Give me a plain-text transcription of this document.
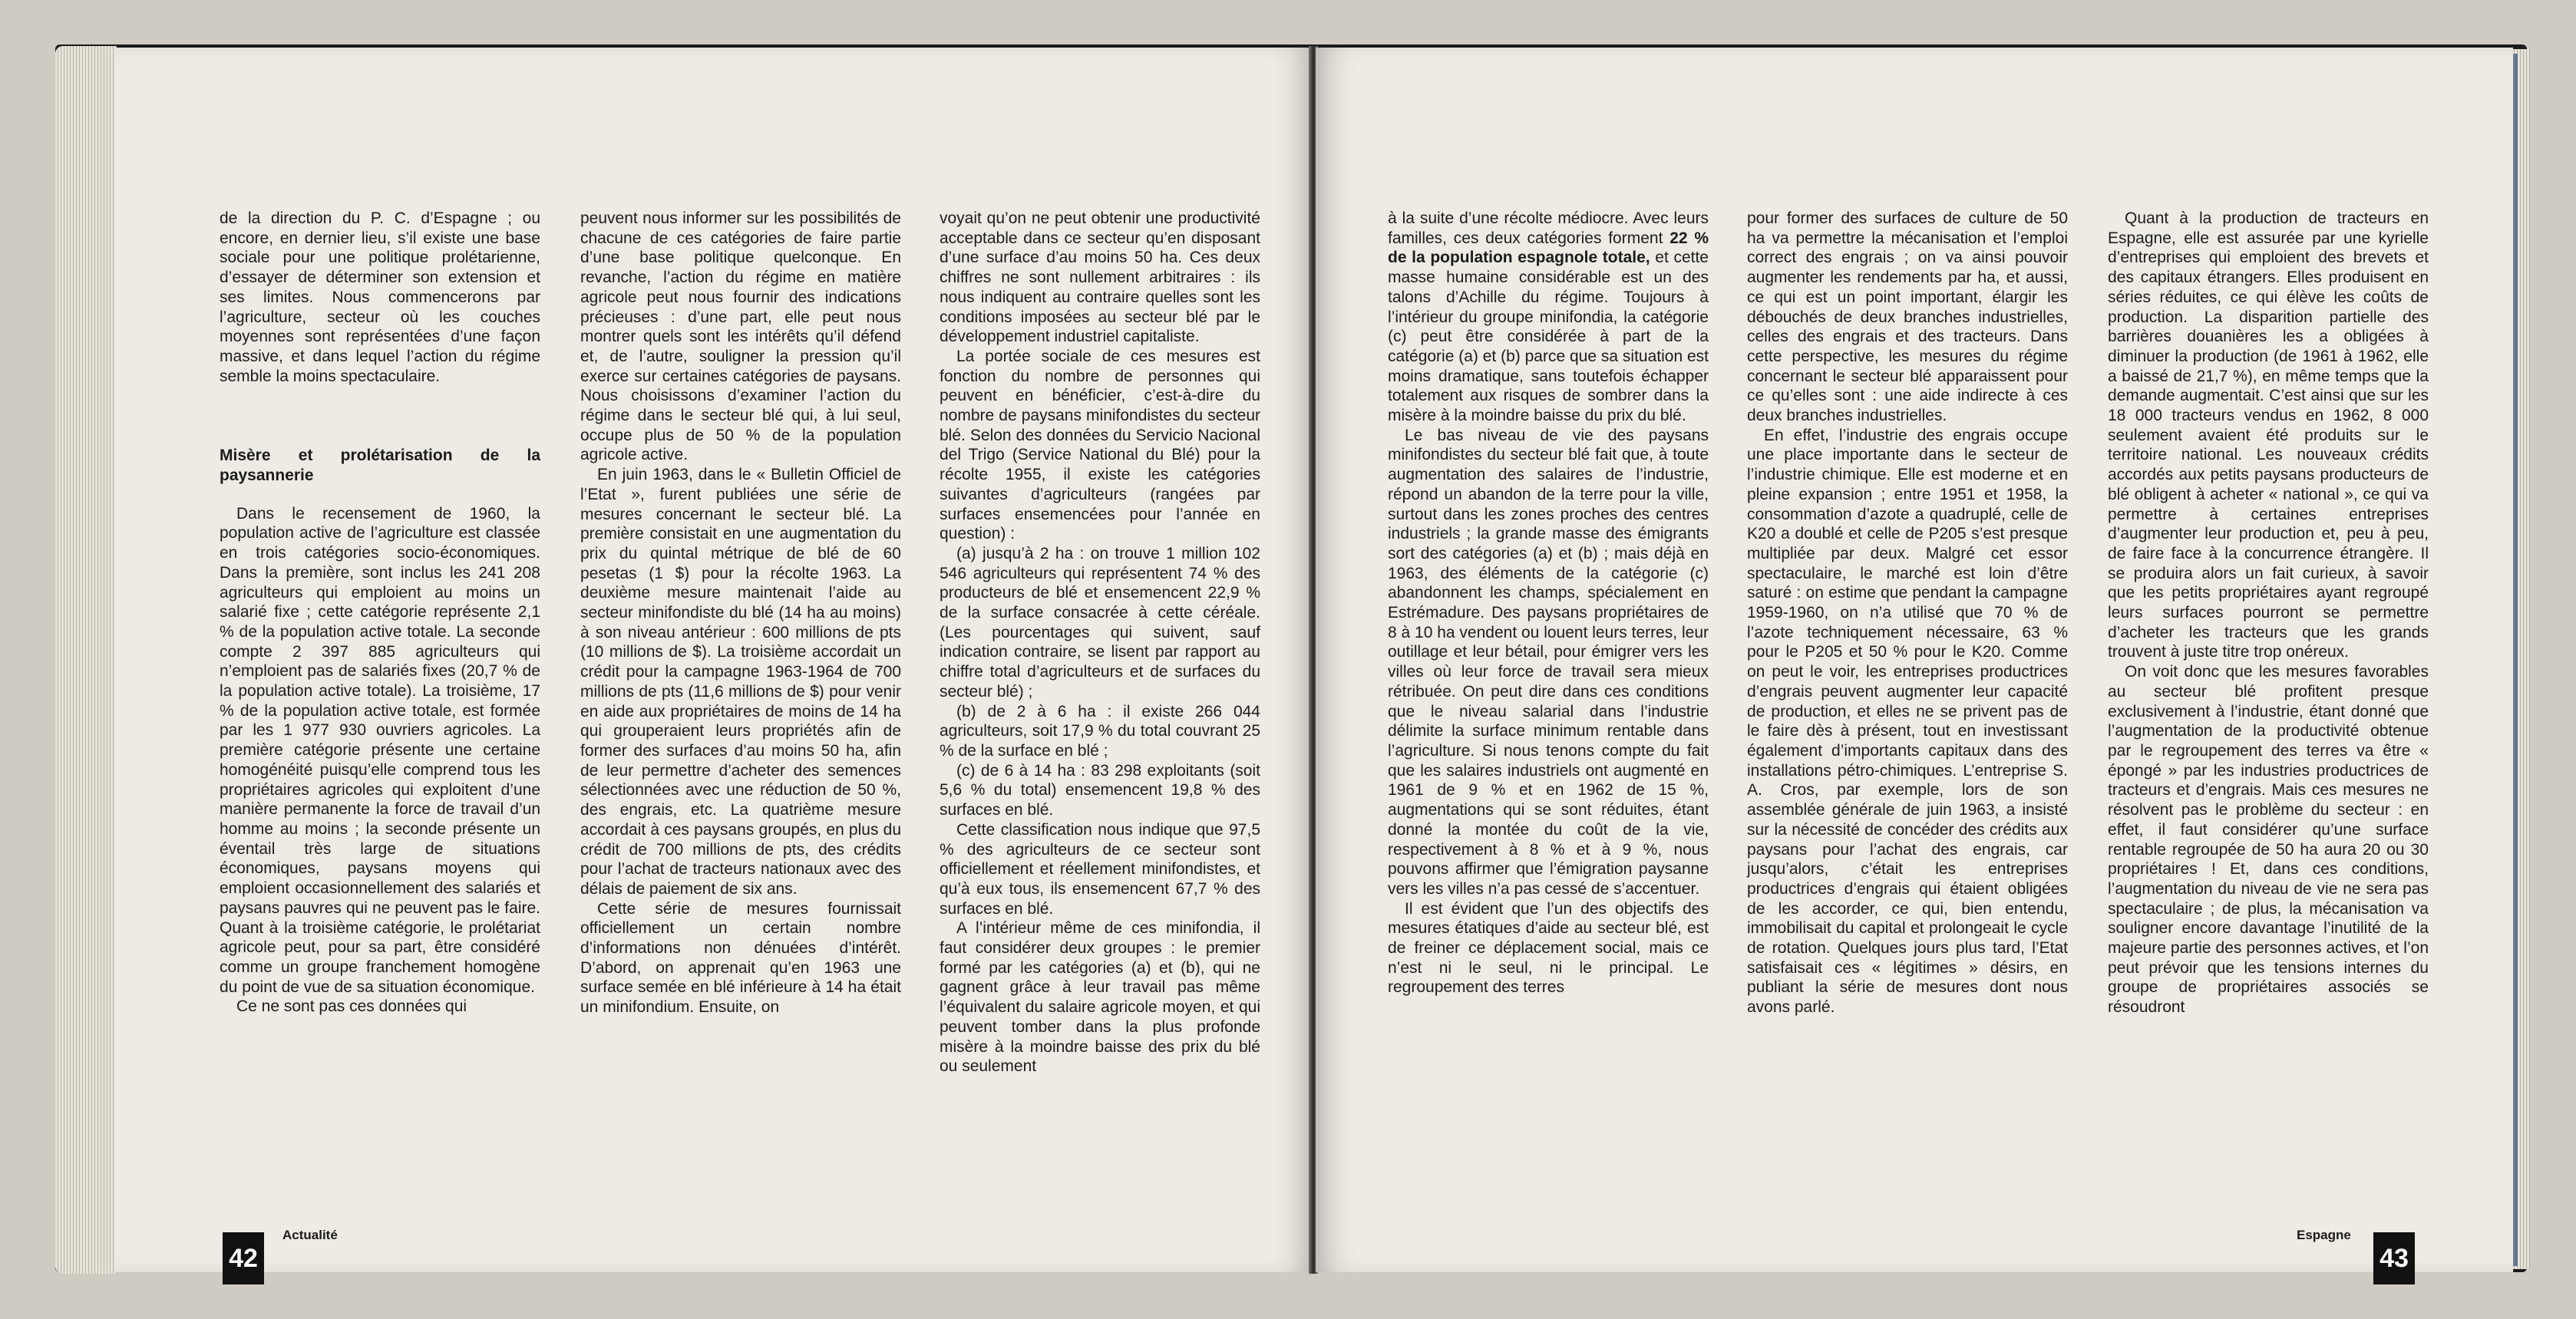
de la direction du P. C. d’Espagne ; ou encore, en dernier lieu, s’il existe une base sociale pour une politique prolétarienne, d’essayer de déterminer son extension et ses limites. Nous commencerons par l’agriculture, secteur où les couches moyennes sont représentées d’une façon massive, et dans lequel l’action du régime semble la moins spectaculaire.

Misère et prolétarisation de la paysannerie

Dans le recensement de 1960, la population active de l’agriculture est classée en trois catégories socio-économiques. Dans la première, sont inclus les 241 208 agriculteurs qui emploient au moins un salarié fixe ; cette catégorie représente 2,1 % de la population active totale. La seconde compte 2 397 885 agriculteurs qui n’emploient pas de salariés fixes (20,7 % de la population active totale). La troisième, 17 % de la population active totale, est formée par les 1 977 930 ouvriers agricoles. La première catégorie présente une certaine homogénéité puisqu’elle comprend tous les propriétaires agricoles qui exploitent d’une manière permanente la force de travail d’un homme au moins ; la seconde présente un éventail très large de situations économiques, paysans moyens qui emploient occasionnellement des salariés et paysans pauvres qui ne peuvent pas le faire. Quant à la troisième catégorie, le prolétariat agricole peut, pour sa part, être considéré comme un groupe franchement homogène du point de vue de sa situation économique.

Ce ne sont pas ces données qui

peuvent nous informer sur les possibilités de chacune de ces catégories de faire partie d’une base politique quelconque. En revanche, l’action du régime en matière agricole peut nous fournir des indications précieuses : d’une part, elle peut nous montrer quels sont les intérêts qu’il défend et, de l’autre, souligner la pression qu’il exerce sur certaines catégories de paysans. Nous choisissons d’examiner l’action du régime dans le secteur blé qui, à lui seul, occupe plus de 50 % de la population agricole active.

En juin 1963, dans le « Bulletin Officiel de l’Etat », furent publiées une série de mesures concernant le secteur blé. La première consistait en une augmentation du prix du quintal métrique de blé de 60 pesetas (1 $) pour la récolte 1963. La deuxième mesure maintenait l’aide au secteur minifondiste du blé (14 ha au moins) à son niveau antérieur : 600 millions de pts (10 millions de $). La troisième accordait un crédit pour la campagne 1963-1964 de 700 millions de pts (11,6 millions de $) pour venir en aide aux propriétaires de moins de 14 ha qui grouperaient leurs propriétés afin de former des surfaces d’au moins 50 ha, afin de leur permettre d’acheter des semences sélectionnées avec une réduction de 50 %, des engrais, etc. La quatrième mesure accordait à ces paysans groupés, en plus du crédit de 700 millions de pts, des crédits pour l’achat de tracteurs nationaux avec des délais de paiement de six ans.

Cette série de mesures fournissait officiellement un certain nombre d’informations non dénuées d’intérêt. D’abord, on apprenait qu’en 1963 une surface semée en blé inférieure à 14 ha était un minifondium. Ensuite, on

voyait qu’on ne peut obtenir une productivité acceptable dans ce secteur qu’en disposant d’une surface d’au moins 50 ha. Ces deux chiffres ne sont nullement arbitraires : ils nous indiquent au contraire quelles sont les conditions imposées au secteur blé par le développement industriel capitaliste.

La portée sociale de ces mesures est fonction du nombre de personnes qui peuvent en bénéficier, c’est-à-dire du nombre de paysans minifondistes du secteur blé. Selon des données du Servicio Nacional del Trigo (Service National du Blé) pour la récolte 1955, il existe les catégories suivantes d’agriculteurs (rangées par surfaces ensemencées pour l’année en question) :

(a) jusqu’à 2 ha : on trouve 1 million 102 546 agriculteurs qui représentent 74 % des producteurs de blé et ensemencent 22,9 % de la surface consacrée à cette céréale. (Les pourcentages qui suivent, sauf indication contraire, se lisent par rapport au chiffre total d’agriculteurs et de surfaces du secteur blé) ;

(b) de 2 à 6 ha : il existe 266 044 agriculteurs, soit 17,9 % du total couvrant 25 % de la surface en blé ;

(c) de 6 à 14 ha : 83 298 exploitants (soit 5,6 % du total) ensemencent 19,8 % des surfaces en blé.

Cette classification nous indique que 97,5 % des agriculteurs de ce secteur sont officiellement et réellement minifondistes, et qu’à eux tous, ils ensemencent 67,7 % des surfaces en blé.

A l’intérieur même de ces minifondia, il faut considérer deux groupes : le premier formé par les catégories (a) et (b), qui ne gagnent grâce à leur travail pas même l’équivalent du salaire agricole moyen, et qui peuvent tomber dans la plus profonde misère à la moindre baisse des prix du blé ou seulement

42
Actualité

à la suite d’une récolte médiocre. Avec leurs familles, ces deux catégories forment 22 % de la population espagnole totale, et cette masse humaine considérable est un des talons d’Achille du régime. Toujours à l’intérieur du groupe minifondia, la catégorie (c) peut être considérée à part de la catégorie (a) et (b) parce que sa situation est moins dramatique, sans toutefois échapper totalement aux risques de sombrer dans la misère à la moindre baisse du prix du blé.

Le bas niveau de vie des paysans minifondistes du secteur blé fait que, à toute augmentation des salaires de l’industrie, répond un abandon de la terre pour la ville, surtout dans les zones proches des centres industriels ; la grande masse des émigrants sort des catégories (a) et (b) ; mais déjà en 1963, des éléments de la catégorie (c) abandonnent les champs, spécialement en Estrémadure. Des paysans propriétaires de 8 à 10 ha vendent ou louent leurs terres, leur outillage et leur bétail, pour émigrer vers les villes où leur force de travail sera mieux rétribuée. On peut dire dans ces conditions que le niveau salarial dans l’industrie délimite la surface minimum rentable dans l’agriculture. Si nous tenons compte du fait que les salaires industriels ont augmenté en 1961 de 9 % et en 1962 de 15 %, augmentations qui se sont réduites, étant donné la montée du coût de la vie, respectivement à 8 % et à 9 %, nous pouvons affirmer que l’émigration paysanne vers les villes n’a pas cessé de s’accentuer.

Il est évident que l’un des objectifs des mesures étatiques d’aide au secteur blé, est de freiner ce déplacement social, mais ce n’est ni le seul, ni le principal. Le regroupement des terres

pour former des surfaces de culture de 50 ha va permettre la mécanisation et l’emploi correct des engrais ; on va ainsi pouvoir augmenter les rendements par ha, et aussi, ce qui est un point important, élargir les débouchés de deux branches industrielles, celles des engrais et des tracteurs. Dans cette perspective, les mesures du régime concernant le secteur blé apparaissent pour ce qu’elles sont : une aide indirecte à ces deux branches industrielles.

En effet, l’industrie des engrais occupe une place importante dans le secteur de l’industrie chimique. Elle est moderne et en pleine expansion ; entre 1951 et 1958, la consommation d’azote a quadruplé, celle de K20 a doublé et celle de P205 s’est presque multipliée par deux. Malgré cet essor spectaculaire, le marché est loin d’être saturé : on estime que pendant la campagne 1959-1960, on n’a utilisé que 70 % de l’azote techniquement nécessaire, 63 % pour le P205 et 50 % pour le K20. Comme on peut le voir, les entreprises productrices d’engrais peuvent augmenter leur capacité de production, et elles ne se privent pas de le faire dès à présent, tout en investissant également d’importants capitaux dans des installations pétro-chimiques. L’entreprise S. A. Cros, par exemple, lors de son assemblée générale de juin 1963, a insisté sur la nécessité de concéder des crédits aux paysans pour l’achat des engrais, car jusqu’alors, c’était les entreprises productrices d’engrais qui étaient obligées de les accorder, ce qui, bien entendu, immobilisait du capital et prolongeait le cycle de rotation. Quelques jours plus tard, l’Etat satisfaisait ces « légitimes » désirs, en publiant la série de mesures dont nous avons parlé.

Quant à la production de tracteurs en Espagne, elle est assurée par une kyrielle d’entreprises qui emploient des brevets et des capitaux étrangers. Elles produisent en séries réduites, ce qui élève les coûts de production. La disparition partielle des barrières douanières les a obligées à diminuer la production (de 1961 à 1962, elle a baissé de 21,7 %), en même temps que la demande augmentait. C’est ainsi que sur les 18 000 tracteurs vendus en 1962, 8 000 seulement avaient été produits sur le territoire national. Les nouveaux crédits accordés aux petits paysans producteurs de blé obligent à acheter « national », ce qui va permettre à certaines entreprises d’augmenter leur production et, peu à peu, de faire face à la concurrence étrangère. Il se produira alors un fait curieux, à savoir que les petits propriétaires ayant regroupé leurs surfaces pourront se permettre d’acheter les tracteurs que les grands trouvent à juste titre trop onéreux.

On voit donc que les mesures favorables au secteur blé profitent presque exclusivement à l’industrie, étant donné que l’augmentation de la productivité obtenue par le regroupement des terres va être « épongé » par les industries productrices de tracteurs et d’engrais. Mais ces mesures ne résolvent pas le problème du secteur : en effet, il faut considérer qu’une surface rentable regroupée de 50 ha aura 20 ou 30 propriétaires ! Et, dans ces conditions, l’augmentation du niveau de vie ne sera pas spectaculaire ; de plus, la mécanisation va souligner encore davantage l’inutilité de la majeure partie des personnes actives, et l’on peut prévoir que les tensions internes du groupe de propriétaires associés se résoudront

Espagne
43
